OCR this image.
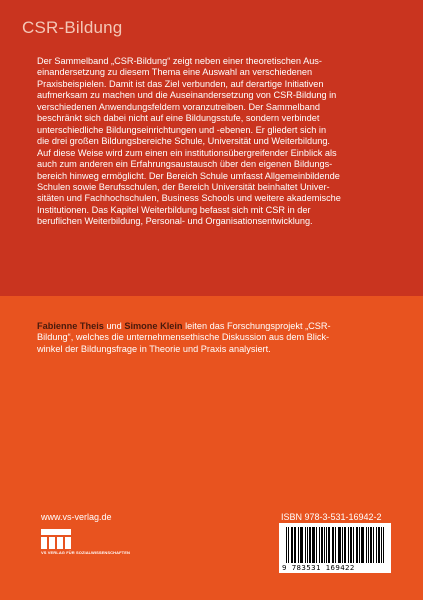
CSR-Bildung
Der Sammelband „CSR-Bildung“ zeigt neben einer theoretischen Aus-
einandersetzung zu diesem Thema eine Auswahl an verschiedenen
Praxisbeispielen. Damit ist das Ziel verbunden, auf derartige Initiativen
aufmerksam zu machen und die Auseinandersetzung von CSR-Bildung in
verschiedenen Anwendungsfeldern voranzutreiben. Der Sammelband
beschränkt sich dabei nicht auf eine Bildungsstufe, sondern verbindet
unterschiedliche Bildungseinrichtungen und -ebenen. Er gliedert sich in
die drei großen Bildungsbereiche Schule, Universität und Weiterbildung.
Auf diese Weise wird zum einen ein institutionsübergreifender Einblick als
auch zum anderen ein Erfahrungsaustausch über den eigenen Bildungs-
bereich hinweg ermöglicht. Der Bereich Schule umfasst Allgemeinbildende
Schulen sowie Berufsschulen, der Bereich Universität beinhaltet Univer-
sitäten und Fachhochschulen, Business Schools und weitere akademische
Institutionen. Das Kapitel Weiterbildung befasst sich mit CSR in der
beruflichen Weiterbildung, Personal- und Organisationsentwicklung.
Fabienne Theis und Simone Klein leiten das Forschungsprojekt „CSR-
Bildung“, welches die unternehmensethische Diskussion aus dem Blick-
winkel der Bildungsfrage in Theorie und Praxis analysiert.
www.vs-verlag.de
VS VERLAG FÜR SOZIALWISSENSCHAFTEN
ISBN 978-3-531-16942-2
9 783531 169422
